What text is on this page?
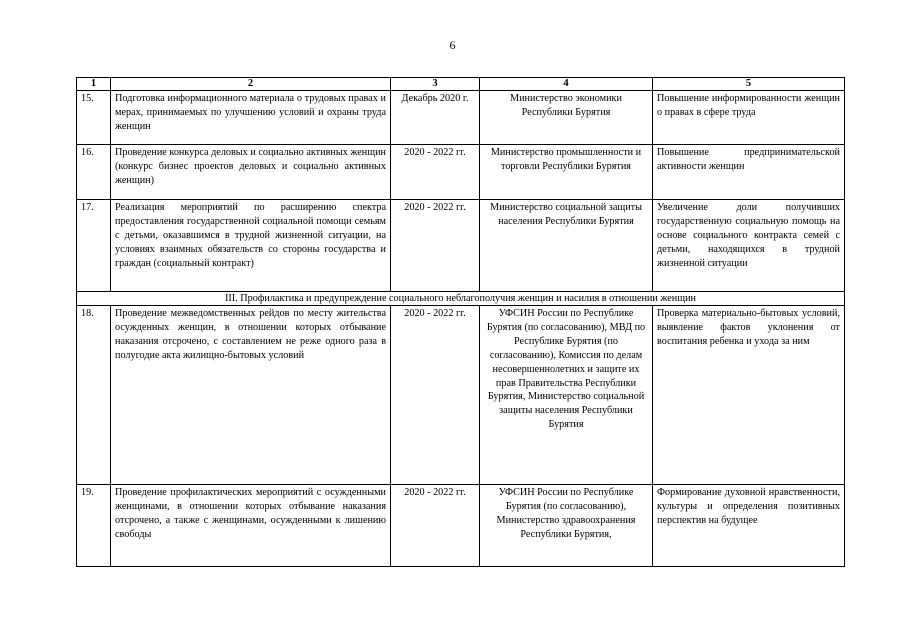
6
1	2	3	4	5
15.	Подготовка информационного материала о трудовых правах и мерах, принимаемых по улучшению условий и охраны труда женщин	Декабрь 2020 г.	Министерство экономики Республики Бурятия	Повышение информированности женщин о правах в сфере труда
16.	Проведение конкурса деловых и социально активных женщин (конкурс бизнес проектов деловых и социально активных женщин)	2020 - 2022 гг.	Министерство промышленности и торговли Республики Бурятия	Повышение предпринимательской активности женщин
17.	Реализация мероприятий по расширению спектра предоставления государственной социальной помощи семьям с детьми, оказавшимся в трудной жизненной ситуации, на условиях взаимных обязательств со стороны государства и граждан (социальный контракт)	2020 - 2022 гг.	Министерство социальной защиты населения Республики Бурятия	Увеличение доли получивших государственную социальную помощь на основе социального контракта семей с детьми, находящихся в трудной жизненной ситуации
III. Профилактика и предупреждение социального неблагополучия женщин и насилия в отношении женщин				
18.	Проведение межведомственных рейдов по месту жительства осужденных женщин, в отношении которых отбывание наказания отсрочено, с составлением не реже одного раза в полугодие акта жилищно-бытовых условий	2020 - 2022 гг.	УФСИН России по Республике Бурятия (по согласованию), МВД по Республике Бурятия (по согласованию), Комиссия по делам несовершеннолетних и защите их прав Правительства Республики Бурятия, Министерство социальной защиты населения Республики Бурятия	Проверка материально-бытовых условий, выявление фактов уклонения от воспитания ребенка и ухода за ним
19.	Проведение профилактических мероприятий с осужденными женщинами, в отношении которых отбывание наказания отсрочено, а также с женщинами, осужденными к лишению свободы	2020 - 2022 гг.	УФСИН России по Республике Бурятия (по согласованию), Министерство здравоохранения Республики Бурятия,	Формирование духовной нравственности, культуры и определения позитивных перспектив на будущее
